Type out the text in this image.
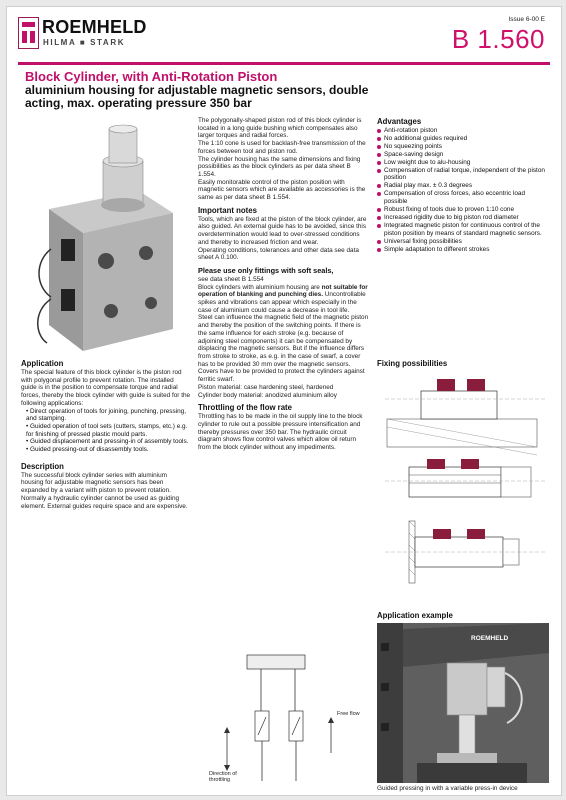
ROEMHELD
HILMA ■ STARK
Issue 6-00 E
B 1.560
Block Cylinder, with Anti-Rotation Piston
aluminium housing for adjustable magnetic sensors, double acting, max. operating pressure 350 bar
Application

The special feature of this block cylinder is the piston rod with polygonal profile to prevent rotation. The installed guide is in the position to compensate torque and radial forces, thereby the block cylinder with guide is suited for the following applications:

• Direct operation of tools for joining, punching, pressing, and stamping.
• Guided operation of tool sets (cutters, stamps, etc.) e.g. for finishing of pressed plastic mould parts.
• Guided displacement and pressing-in of assembly tools.
• Guided pressing-out of disassembly tools.
Description

The successful block cylinder series with aluminium housing for adjustable magnetic sensors has been expanded by a variant with piston to prevent rotation.

Normally a hydraulic cylinder cannot be used as guiding element. External guides require space and are expensive.

The polygonally-shaped piston rod of this block cylinder is located in a long guide bushing which compensates also larger torques and radial forces.

The 1:10 cone is used for backlash-free transmission of the forces between tool and piston rod.

The cylinder housing has the same dimensions and fixing possibilities as the block cylinders as per data sheet B 1.554.

Easily monitorable control of the piston position with magnetic sensors which are available as accessories is the same as per data sheet B 1.554.

Important notes

Tools, which are fixed at the piston of the block cylinder, are also guided. An external guide has to be avoided, since this overdetermination would lead to over-stressed conditions and thereby to increased friction and wear.

Operating conditions, tolerances and other data see data sheet A 0.100.

Please use only fittings with soft seals,

see data sheet B 1.554

Block cylinders with aluminium housing are not suitable for operation of blanking and punching dies. Uncontrollable spikes and vibrations can appear which especially in the case of aluminium could cause a decrease in tool life.

Steel can influence the magnetic field of the magnetic piston and thereby the position of the switching points. If there is the same influence for each stroke (e.g. because of adjoining steel components) it can be compensated by displacing the magnetic sensors. But if the influence differs from stroke to stroke, as e.g. in the case of swarf, a cover has to be provided 30 mm over the magnetic sensors.

Covers have to be provided to protect the cylinders against ferritic swarf.

Piston material: case hardening steel, hardened

Cylinder body material: anodized aluminium alloy

Throttling of the flow rate

Throttling has to be made in the oil supply line to the block cylinder to rule out a possible pressure intensification and thereby pressures over 350 bar. The hydraulic circuit diagram shows flow control valves which allow oil return from the block cylinder without any impediments.

Free flow
Direction of throttling
Advantages
Anti-rotation piston
No additional guides required
No squeezing points
Space-saving design
Low weight due to alu-housing
Compensation of radial torque, independent of the piston position
Radial play max. ± 0.3 degrees
Compensation of cross forces, also eccentric load possible
Robust fixing of tools due to proven 1:10 cone
Increased rigidity due to big piston rod diameter
Integrated magnetic piston for continuous control of the piston position by means of standard magnetic sensors.
Universal fixing possibilities
Simple adaptation to different strokes
Fixing possibilities
Application example
ROEMHELD
Guided pressing in with a variable press-in device
